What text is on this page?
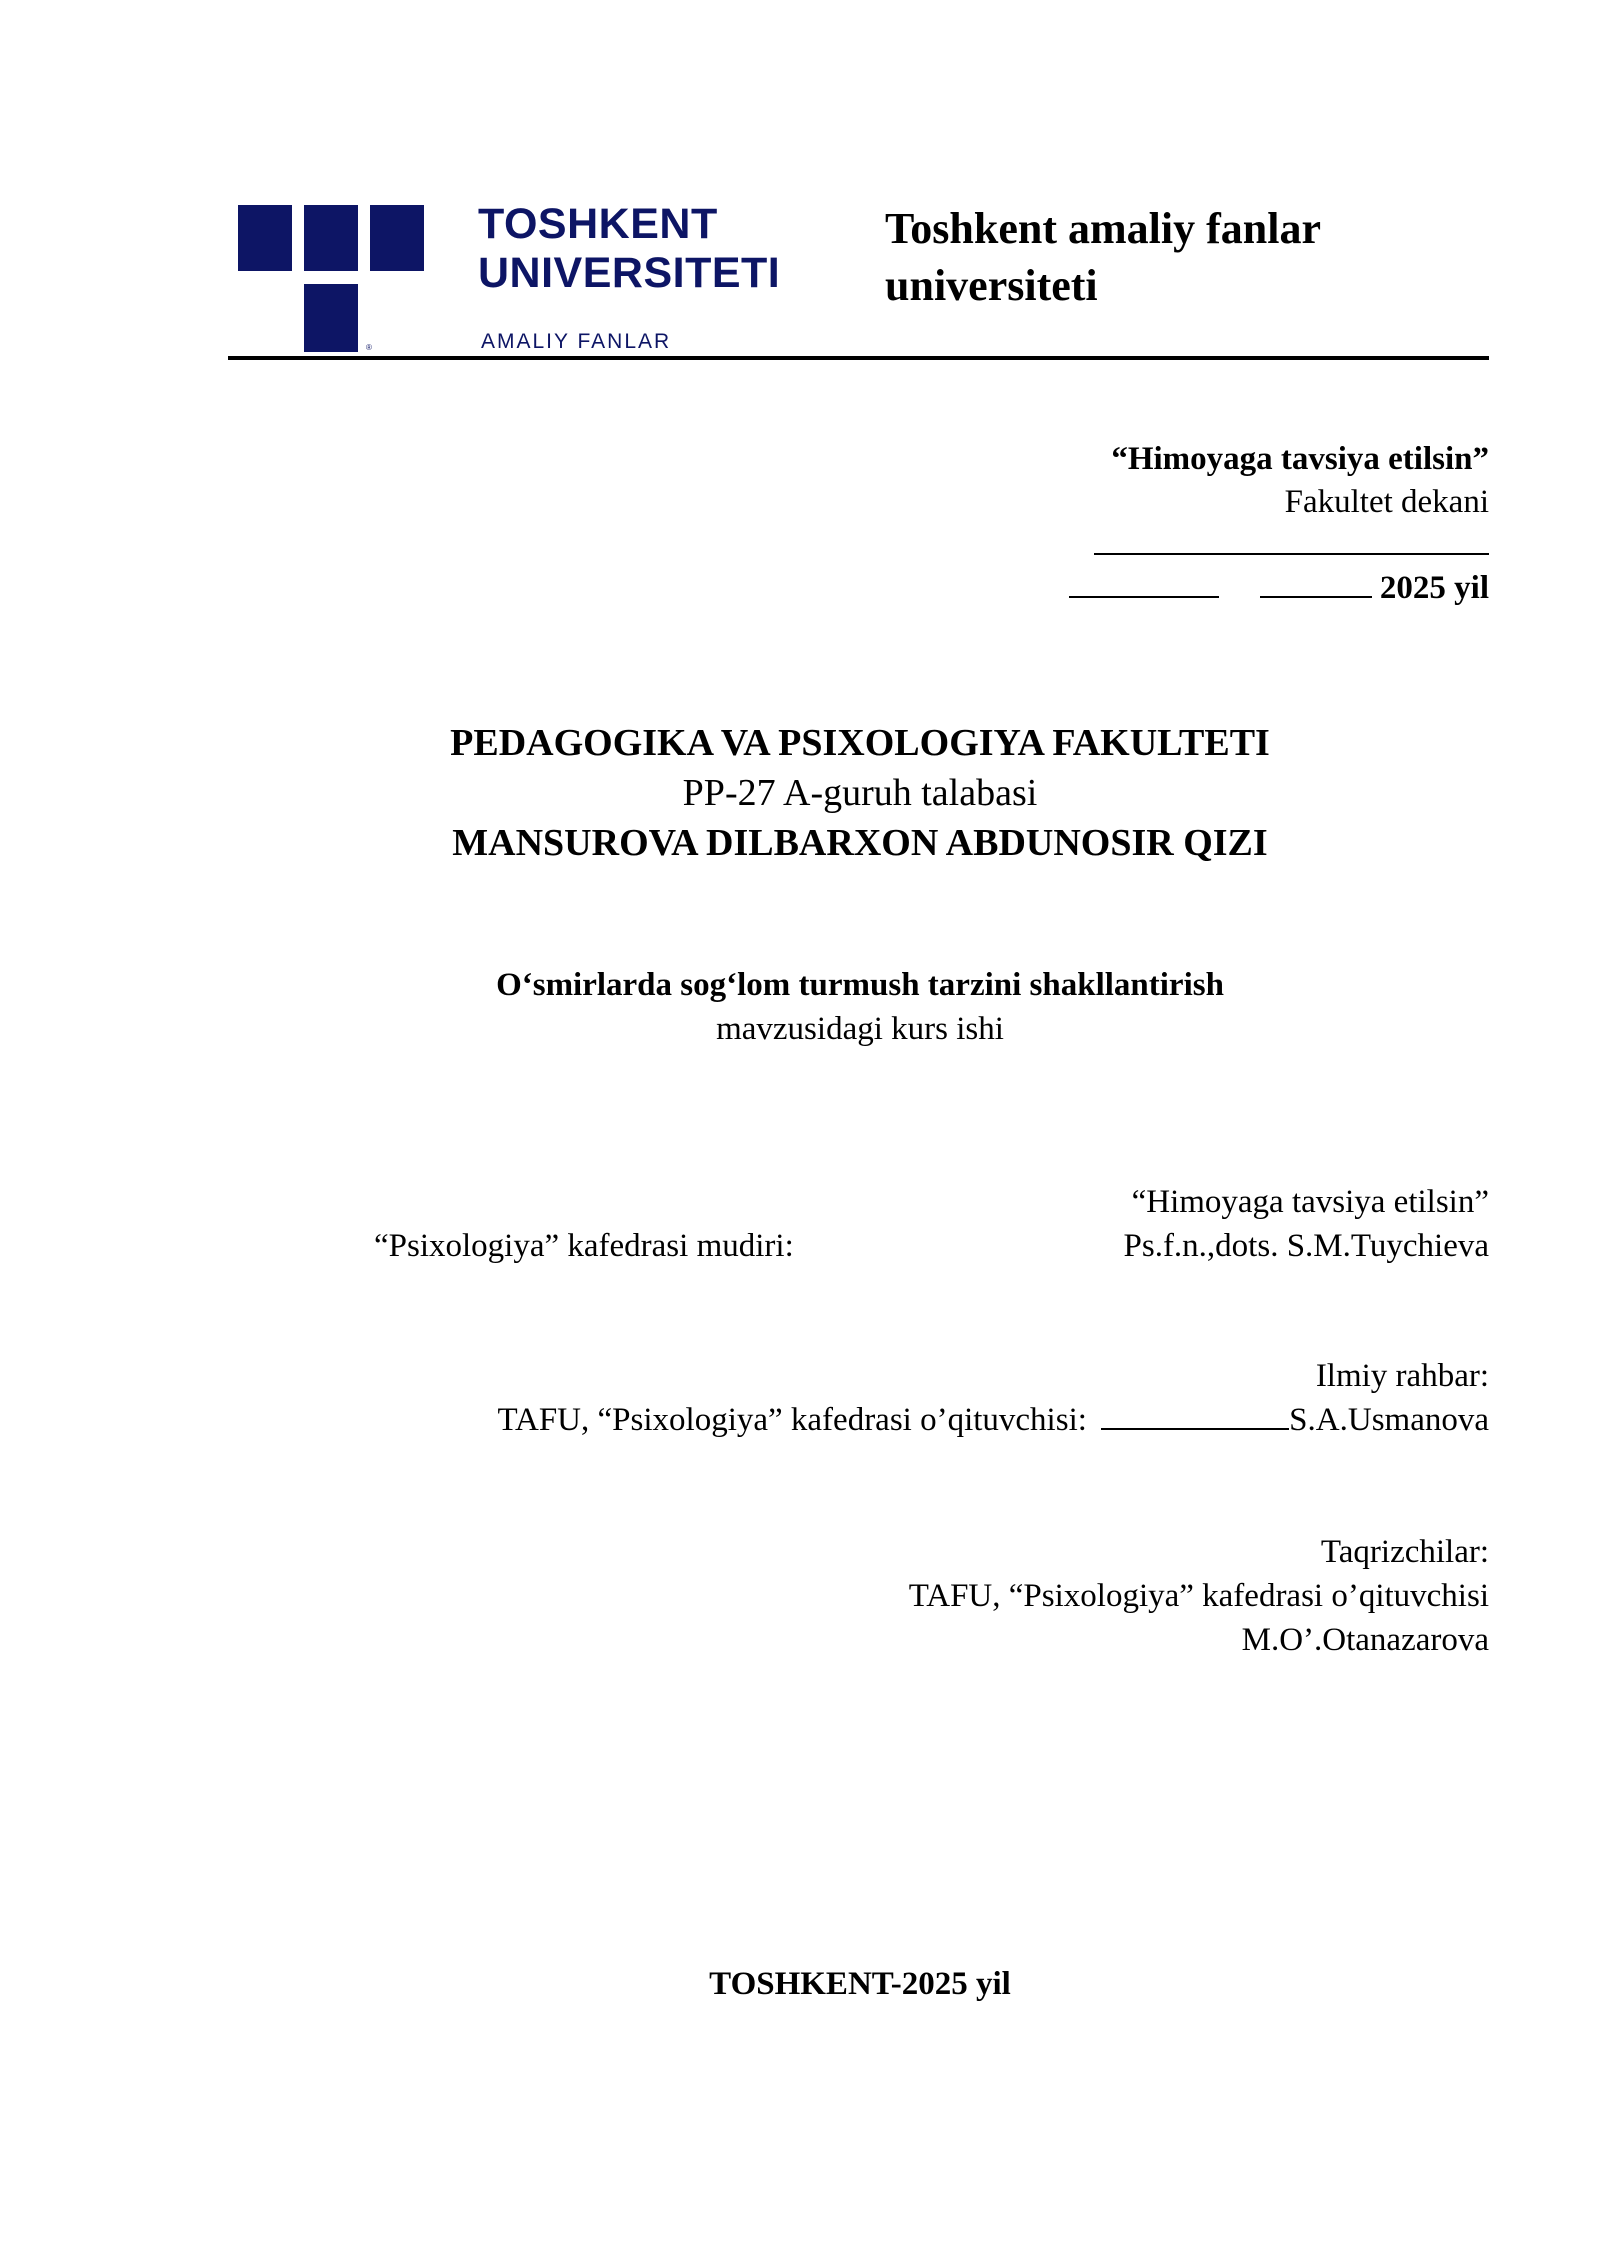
®
TOSHKENT
UNIVERSITETI
AMALIY FANLAR
Toshkent amaliy fanlar
universiteti
“Himoyaga tavsiya etilsin”
Fakultet dekani
2025 yil
PEDAGOGIKA VA PSIXOLOGIYA FAKULTETI
PP-27 A-guruh talabasi
MANSUROVA DILBARXON ABDUNOSIR QIZI
O‘smirlarda sog‘lom turmush tarzini shakllantirish
mavzusidagi kurs ishi
“Himoyaga tavsiya etilsin”
“Psixologiya” kafedrasi mudiri:	Ps.f.n.,dots. S.M.Tuychieva
Ilmiy rahbar:
TAFU, “Psixologiya” kafedrasi o’qituvchisi:	S.A.Usmanova
Taqrizchilar:
TAFU, “Psixologiya” kafedrasi o’qituvchisi
M.O’.Otanazarova
TOSHKENT-2025 yil
